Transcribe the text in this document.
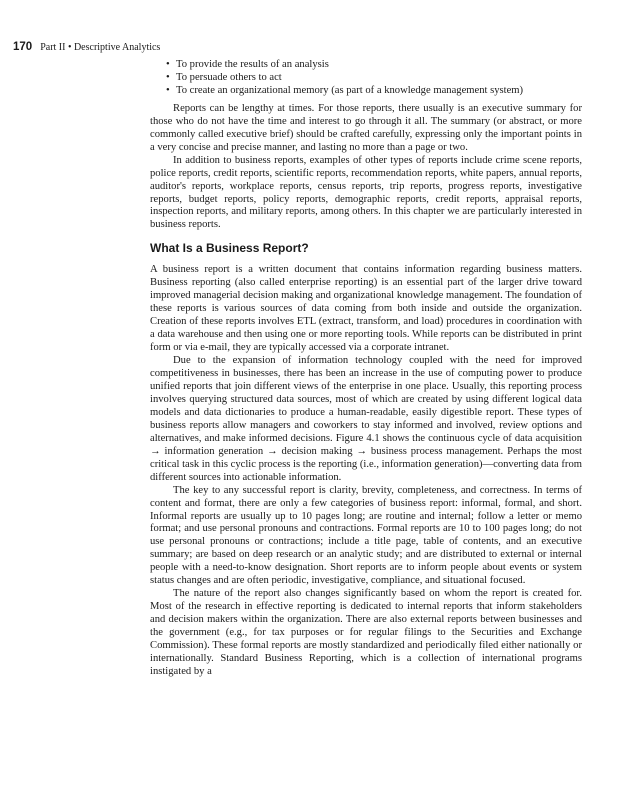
170 Part II • Descriptive Analytics
• To provide the results of an analysis
• To persuade others to act
• To create an organizational memory (as part of a knowledge management system)

Reports can be lengthy at times. For those reports, there usually is an executive summary for those who do not have the time and interest to go through it all. The summary (or abstract, or more commonly called executive brief) should be crafted carefully, expressing only the important points in a very concise and precise manner, and lasting no more than a page or two.

In addition to business reports, examples of other types of reports include crime scene reports, police reports, credit reports, scientific reports, recommendation reports, white papers, annual reports, auditor's reports, workplace reports, census reports, trip reports, progress reports, investigative reports, budget reports, policy reports, demographic reports, credit reports, appraisal reports, inspection reports, and military reports, among others. In this chapter we are particularly interested in business reports.

What Is a Business Report?

A business report is a written document that contains information regarding business matters. Business reporting (also called enterprise reporting) is an essential part of the larger drive toward improved managerial decision making and organizational knowledge management. The foundation of these reports is various sources of data coming from both inside and outside the organization. Creation of these reports involves ETL (extract, transform, and load) procedures in coordination with a data warehouse and then using one or more reporting tools. While reports can be distributed in print form or via e-mail, they are typically accessed via a corporate intranet.

Due to the expansion of information technology coupled with the need for improved competitiveness in businesses, there has been an increase in the use of computing power to produce unified reports that join different views of the enterprise in one place. Usually, this reporting process involves querying structured data sources, most of which are created by using different logical data models and data dictionaries to produce a human-readable, easily digestible report. These types of business reports allow managers and coworkers to stay informed and involved, review options and alternatives, and make informed decisions. Figure 4.1 shows the continuous cycle of data acquisition → information generation → decision making → business process management. Perhaps the most critical task in this cyclic process is the reporting (i.e., information generation)—converting data from different sources into actionable information.

The key to any successful report is clarity, brevity, completeness, and correctness. In terms of content and format, there are only a few categories of business report: informal, formal, and short. Informal reports are usually up to 10 pages long; are routine and internal; follow a letter or memo format; and use personal pronouns and contractions. Formal reports are 10 to 100 pages long; do not use personal pronouns or contractions; include a title page, table of contents, and an executive summary; are based on deep research or an analytic study; and are distributed to external or internal people with a need-to-know designation. Short reports are to inform people about events or system status changes and are often periodic, investigative, compliance, and situational focused.

The nature of the report also changes significantly based on whom the report is created for. Most of the research in effective reporting is dedicated to internal reports that inform stakeholders and decision makers within the organization. There are also external reports between businesses and the government (e.g., for tax purposes or for regular filings to the Securities and Exchange Commission). These formal reports are mostly standardized and periodically filed either nationally or internationally. Standard Business Reporting, which is a collection of international programs instigated by a
